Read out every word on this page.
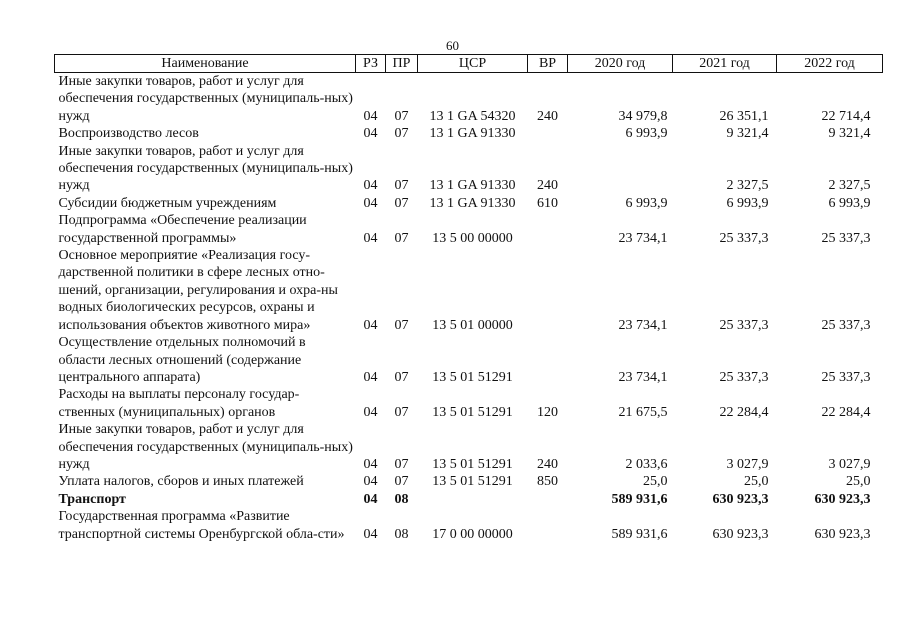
60
Наименование	РЗ	ПР	ЦСР	ВР	2020 год	2021 год	2022 год
Иные закупки товаров, работ и услуг для обеспечения государственных (муниципаль-ных) нужд	04	07	13 1 GA 54320	240	34 979,8	26 351,1	22 714,4
Воспроизводство лесов	04	07	13 1 GA 91330		6 993,9	9 321,4	9 321,4
Иные закупки товаров, работ и услуг для обеспечения государственных (муниципаль-ных) нужд	04	07	13 1 GA 91330	240		2 327,5	2 327,5
Субсидии бюджетным учреждениям	04	07	13 1 GA 91330	610	6 993,9	6 993,9	6 993,9
Подпрограмма «Обеспечение реализации государственной программы»	04	07	13 5 00 00000		23 734,1	25 337,3	25 337,3
Основное мероприятие «Реализация госу-дарственной политики в сфере лесных отно-шений, организации, регулирования и охра-ны водных биологических ресурсов, охраны и использования объектов животного мира»	04	07	13 5 01 00000		23 734,1	25 337,3	25 337,3
Осуществление отдельных полномочий в области лесных отношений (содержание центрального аппарата)	04	07	13 5 01 51291		23 734,1	25 337,3	25 337,3
Расходы на выплаты персоналу государ-ственных (муниципальных) органов	04	07	13 5 01 51291	120	21 675,5	22 284,4	22 284,4
Иные закупки товаров, работ и услуг для обеспечения государственных (муниципаль-ных) нужд	04	07	13 5 01 51291	240	2 033,6	3 027,9	3 027,9
Уплата налогов, сборов и иных платежей	04	07	13 5 01 51291	850	25,0	25,0	25,0
Транспорт	04	08			589 931,6	630 923,3	630 923,3
Государственная программа «Развитие транспортной системы Оренбургской обла-сти»	04	08	17 0 00 00000		589 931,6	630 923,3	630 923,3
